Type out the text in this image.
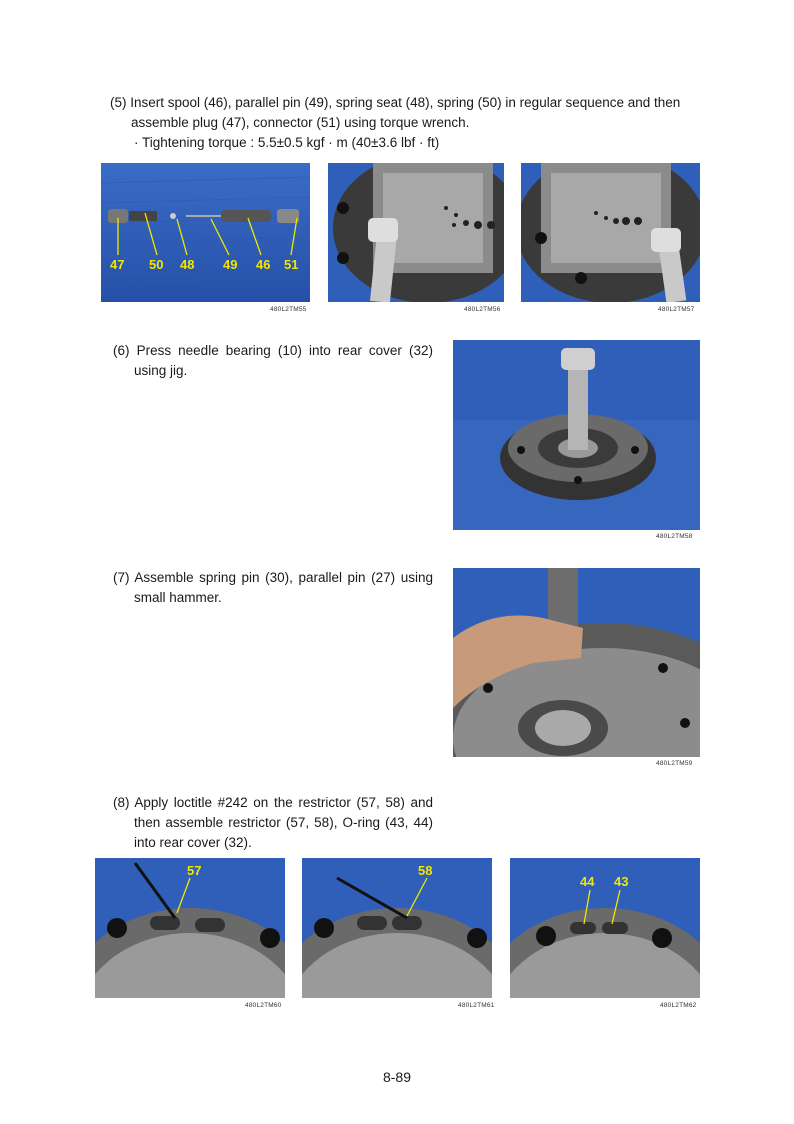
(5) Insert spool (46), parallel pin (49), spring seat (48), spring (50) in regular sequence and then

assemble plug (47), connector (51) using torque wrench.

· Tightening torque : 5.5±0.5 kgf · m (40±3.6 lbf · ft)

47 50 48 49 46 51
480L2TM55	480L2TM56	480L2TM57

(6) Press needle bearing (10) into rear cover (32)

using jig.

480L2TM58

(7) Assemble spring pin (30), parallel pin (27) using

small hammer.

480L2TM59

(8) Apply loctitle #242 on the restrictor (57, 58) and

then assemble restrictor (57, 58), O-ring (43, 44)

into rear cover (32).

57
480L2TM60
58
480L2TM61
44 43
480L2TM62
8-89
